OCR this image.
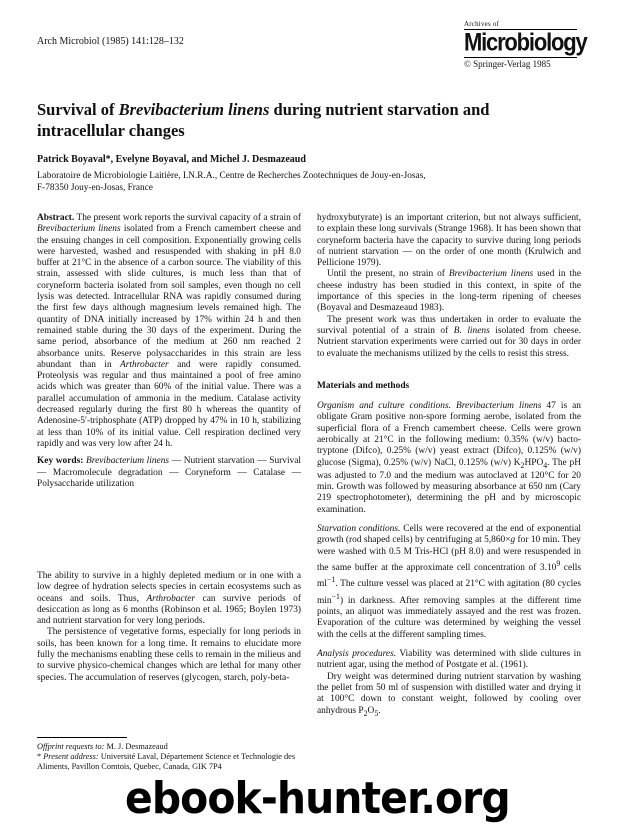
Arch Microbiol (1985) 141:128–132
Archives of
Microbiology
© Springer-Verlag 1985
Survival of Brevibacterium linens during nutrient starvation and intracellular changes
Patrick Boyaval*, Evelyne Boyaval, and Michel J. Desmazeaud
Laboratoire de Microbiologie Laitière, I.N.R.A., Centre de Recherches Zootechniques de Jouy-en-Josas,
F-78350 Jouy-en-Josas, France

Abstract. The present work reports the survival capacity of a strain of Brevibacterium linens isolated from a French camembert cheese and the ensuing changes in cell composition. Exponentially growing cells were harvested, washed and resuspended with shaking in pH 8.0 buffer at 21°C in the absence of a carbon source. The viability of this strain, assessed with slide cultures, is much less than that of coryneform bacteria isolated from soil samples, even though no cell lysis was detected. Intracellular RNA was rapidly consumed during the first few days although magnesium levels remained high. The quantity of DNA initially increased by 17% within 24 h and then remained stable during the 30 days of the experiment. During the same period, absorbance of the medium at 260 nm reached 2 absorbance units. Reserve polysaccharides in this strain are less abundant than in Arthrobacter and were rapidly consumed. Proteolysis was regular and thus maintained a pool of free amino acids which was greater than 60% of the initial value. There was a parallel accumulation of ammonia in the medium. Catalase activity decreased regularly during the first 80 h whereas the quantity of Adenosine-5′-triphosphate (ATP) dropped by 47% in 10 h, stabilizing at less than 10% of its initial value. Cell respiration declined very rapidly and was very low after 24 h.

Key words: Brevibacterium linens — Nutrient starvation — Survival — Macromolecule degradation — Coryneform — Catalase — Polysaccharide utilization

The ability to survive in a highly depleted medium or in one with a low degree of hydration selects species in certain ecosystems such as oceans and soils. Thus, Arthrobacter can survive periods of desiccation as long as 6 months (Robinson et al. 1965; Boylen 1973) and nutrient starvation for very long periods.

The persistence of vegetative forms, especially for long periods in soils, has been known for a long time. It remains to elucidate more fully the mechanisms enabling these cells to remain in the milieus and to survive physico-chemical changes which are lethal for many other species. The accumulation of reserves (glycogen, starch, poly-beta-

Offprint requests to: M. J. Desmazeaud
* Present address: Université Laval, Département Science et Technologie des Aliments, Pavillon Comtois, Quebec, Canada, GIK 7P4

hydroxybutyrate) is an important criterion, but not always sufficient, to explain these long survivals (Strange 1968). It has been shown that coryneform bacteria have the capacity to survive during long periods of nutrient starvation — on the order of one month (Krulwich and Pellicione 1979).

Until the present, no strain of Brevibacterium linens used in the cheese industry has been studied in this context, in spite of the importance of this species in the long-term ripening of cheeses (Boyaval and Desmazeaud 1983).

The present work was thus undertaken in order to evaluate the survival potential of a strain of B. linens isolated from cheese. Nutrient starvation experiments were carried out for 30 days in order to evaluate the mechanisms utilized by the cells to resist this stress.

Materials and methods

Organism and culture conditions. Brevibacterium linens 47 is an obligate Gram positive non-spore forming aerobe, isolated from the superficial flora of a French camembert cheese. Cells were grown aerobically at 21°C in the following medium: 0.35% (w/v) bacto-tryptone (Difco), 0.25% (w/v) yeast extract (Difco), 0.125% (w/v) glucose (Sigma), 0.25% (w/v) NaCl, 0.125% (w/v) $K_2HPO_4$. The pH was adjusted to 7.0 and the medium was autoclaved at 120°C for 20 min. Growth was followed by measuring absorbance at 650 nm (Cary 219 spectrophotometer), determining the pH and by microscopic examination.

Starvation conditions. Cells were recovered at the end of exponential growth (rod shaped cells) by centrifuging at 5,860×g for 10 min. They were washed with 0.5 M Tris-HCl (pH 8.0) and were resuspended in the same buffer at the approximate cell concentration of 3.10$^9$ cells $ml^{-1}$. The culture vessel was placed at 21°C with agitation (80 cycles $\min^{-1}$) in darkness. After removing samples at the different time points, an aliquot was immediately assayed and the rest was frozen. Evaporation of the culture was determined by weighing the vessel with the cells at the different sampling times.

Analysis procedures. Viability was determined with slide cultures in nutrient agar, using the method of Postgate et al. (1961).

Dry weight was determined during nutrient starvation by washing the pellet from 50 ml of suspension with distilled water and drying it at 100°C down to constant weight, followed by cooling over anhydrous $P_2O_5$.

ebook-hunter.org
